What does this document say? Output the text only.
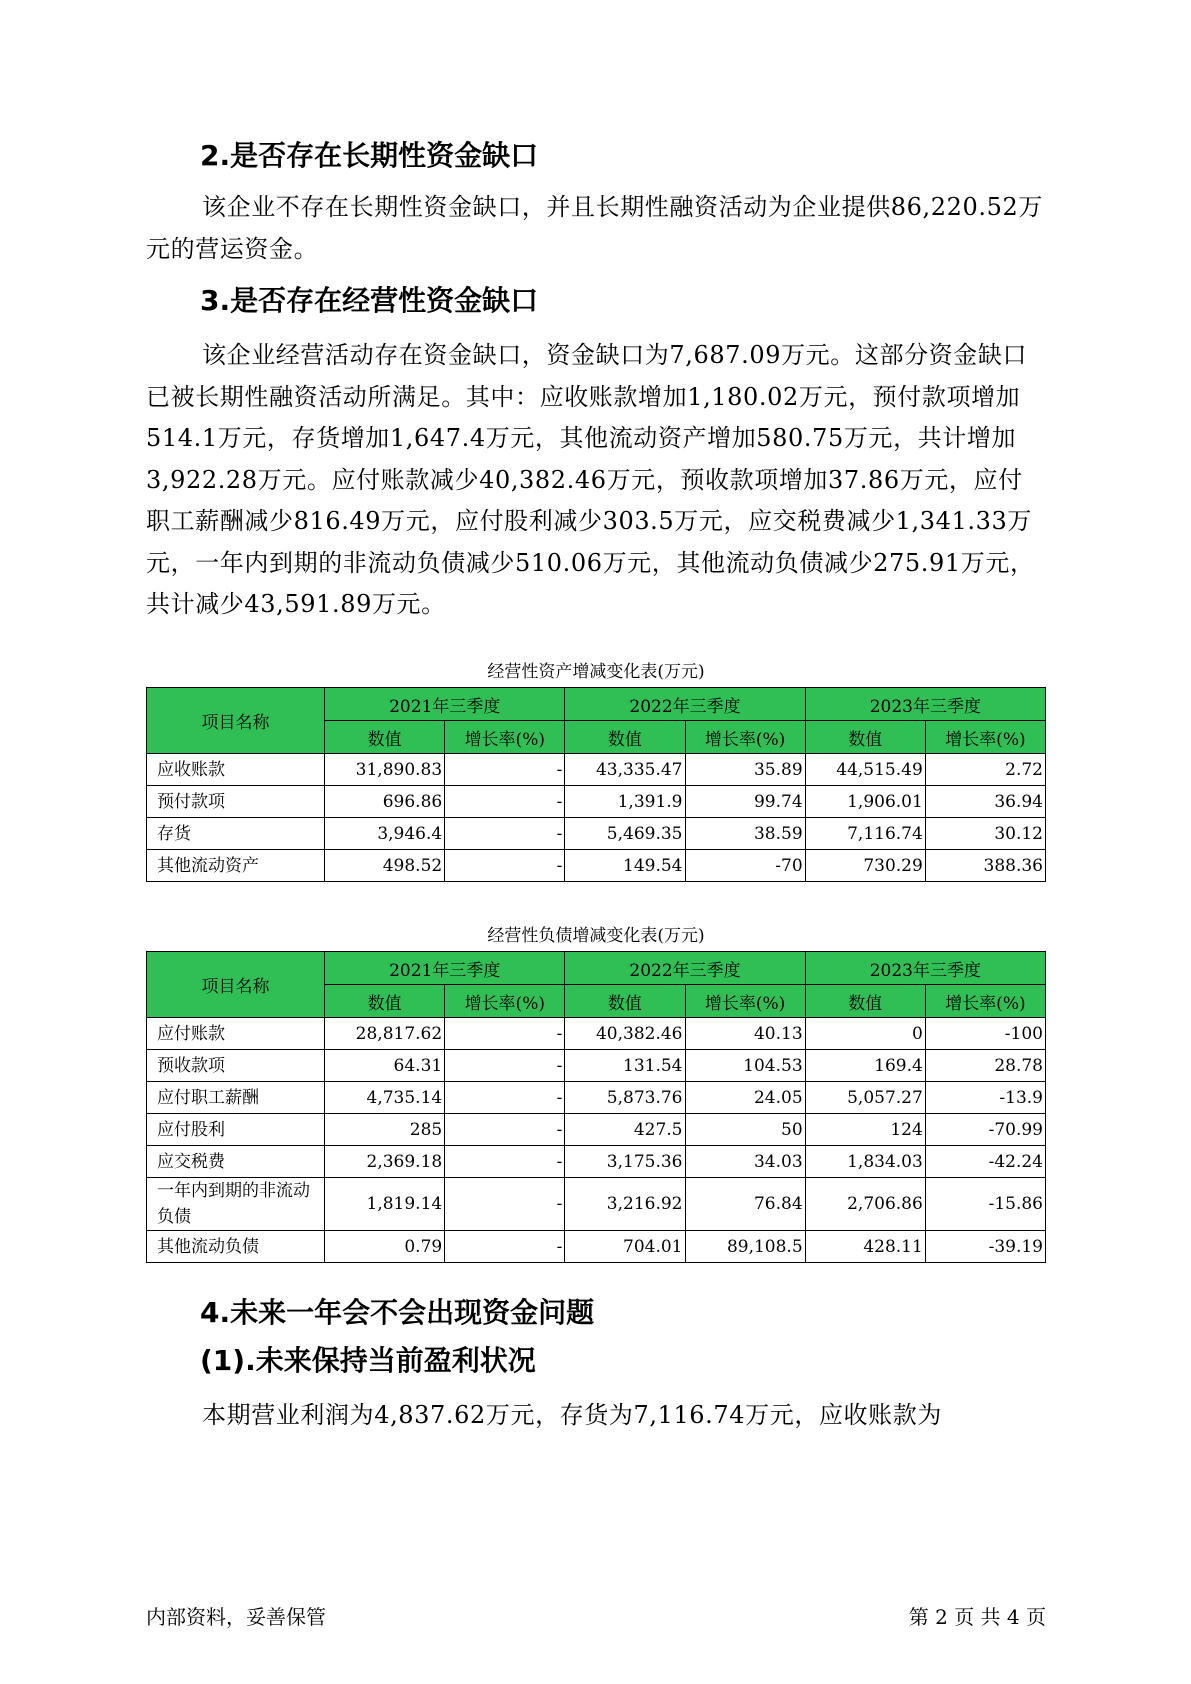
2.是否存在长期性资金缺口

该企业不存在长期性资金缺口，并且长期性融资活动为企业提供86,220.52万元的营运资金。

3.是否存在经营性资金缺口

该企业经营活动存在资金缺口，资金缺口为7,687.09万元。这部分资金缺口已被长期性融资活动所满足。其中：应收账款增加1,180.02万元，预付款项增加514.1万元，存货增加1,647.4万元，其他流动资产增加580.75万元，共计增加3,922.28万元。应付账款减少40,382.46万元，预收款项增加37.86万元，应付职工薪酬减少816.49万元，应付股利减少303.5万元，应交税费减少1,341.33万元，一年内到期的非流动负债减少510.06万元，其他流动负债减少275.91万元，共计减少43,591.89万元。

经营性资产增减变化表(万元)
项目名称	2021年三季度		2022年三季度		2023年三季度	
	数值	增长率(%)	数值	增长率(%)	数值	增长率(%)
应收账款	31,890.83	-	43,335.47	35.89	44,515.49	2.72
预付款项	696.86	-	1,391.9	99.74	1,906.01	36.94
存货	3,946.4	-	5,469.35	38.59	7,116.74	30.12
其他流动资产	498.52	-	149.54	-70	730.29	388.36
经营性负债增减变化表(万元)
项目名称	2021年三季度		2022年三季度		2023年三季度	
	数值	增长率(%)	数值	增长率(%)	数值	增长率(%)
应付账款	28,817.62	-	40,382.46	40.13	0	-100
预收款项	64.31	-	131.54	104.53	169.4	28.78
应付职工薪酬	4,735.14	-	5,873.76	24.05	5,057.27	-13.9
应付股利	285	-	427.5	50	124	-70.99
应交税费	2,369.18	-	3,175.36	34.03	1,834.03	-42.24
一年内到期的非流动负债	1,819.14	-	3,216.92	76.84	2,706.86	-15.86
其他流动负债	0.79	-	704.01	89,108.5	428.11	-39.19
4.未来一年会不会出现资金问题
(1).未来保持当前盈利状况

本期营业利润为4,837.62万元，存货为7,116.74万元，应收账款为

内部资料，妥善保管	第 2 页 共 4 页
